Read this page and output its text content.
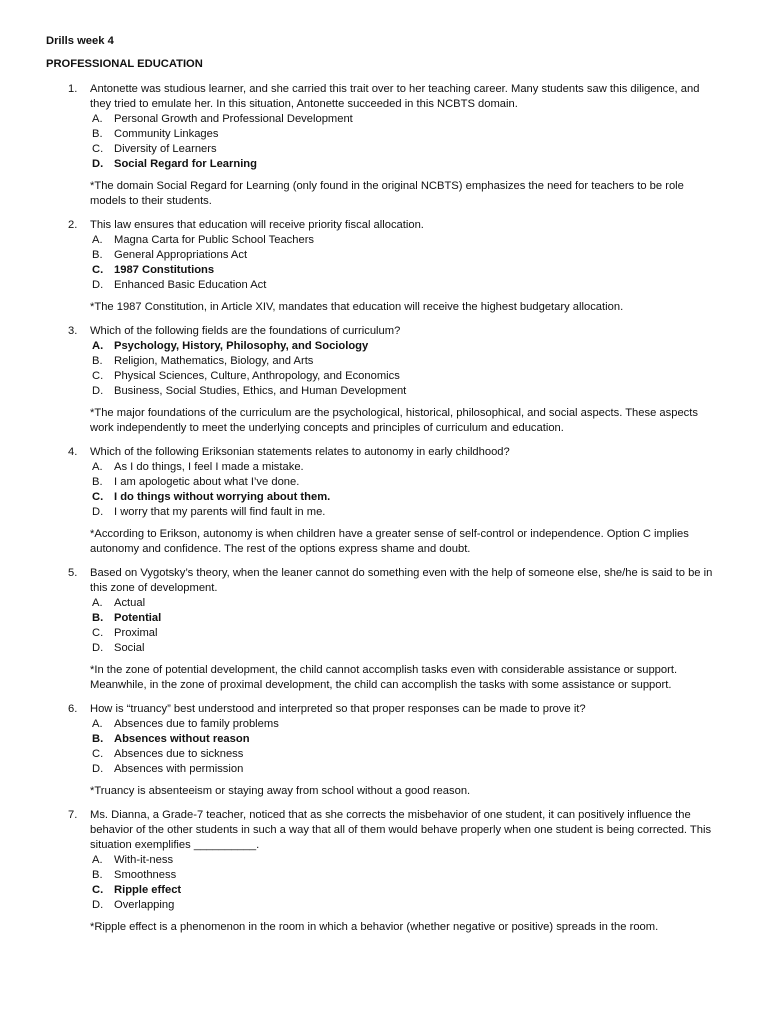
Drills week 4
PROFESSIONAL EDUCATION
1. Antonette was studious learner, and she carried this trait over to her teaching career. Many students saw this diligence, and they tried to emulate her. In this situation, Antonette succeeded in this NCBTS domain.
A. Personal Growth and Professional Development
B. Community Linkages
C. Diversity of Learners
D. Social Regard for Learning
*The domain Social Regard for Learning (only found in the original NCBTS) emphasizes the need for teachers to be role models to their students.
2. This law ensures that education will receive priority fiscal allocation.
A. Magna Carta for Public School Teachers
B. General Appropriations Act
C. 1987 Constitutions
D. Enhanced Basic Education Act
*The 1987 Constitution, in Article XIV, mandates that education will receive the highest budgetary allocation.
3. Which of the following fields are the foundations of curriculum?
A. Psychology, History, Philosophy, and Sociology
B. Religion, Mathematics, Biology, and Arts
C. Physical Sciences, Culture, Anthropology, and Economics
D. Business, Social Studies, Ethics, and Human Development
*The major foundations of the curriculum are the psychological, historical, philosophical, and social aspects. These aspects work independently to meet the underlying concepts and principles of curriculum and education.
4. Which of the following Eriksonian statements relates to autonomy in early childhood?
A. As I do things, I feel I made a mistake.
B. I am apologetic about what I’ve done.
C. I do things without worrying about them.
D. I worry that my parents will find fault in me.
*According to Erikson, autonomy is when children have a greater sense of self-control or independence. Option C implies autonomy and confidence. The rest of the options express shame and doubt.
5. Based on Vygotsky’s theory, when the leaner cannot do something even with the help of someone else, she/he is said to be in this zone of development.
A. Actual
B. Potential
C. Proximal
D. Social
*In the zone of potential development, the child cannot accomplish tasks even with considerable assistance or support. Meanwhile, in the zone of proximal development, the child can accomplish the tasks with some assistance or support.
6. How is “truancy” best understood and interpreted so that proper responses can be made to prove it?
A. Absences due to family problems
B. Absences without reason
C. Absences due to sickness
D. Absences with permission
*Truancy is absenteeism or staying away from school without a good reason.
7. Ms. Dianna, a Grade-7 teacher, noticed that as she corrects the misbehavior of one student, it can positively influence the behavior of the other students in such a way that all of them would behave properly when one student is being corrected. This situation exemplifies __________.
A. With-it-ness
B. Smoothness
C. Ripple effect
D. Overlapping
*Ripple effect is a phenomenon in the room in which a behavior (whether negative or positive) spreads in the room.
